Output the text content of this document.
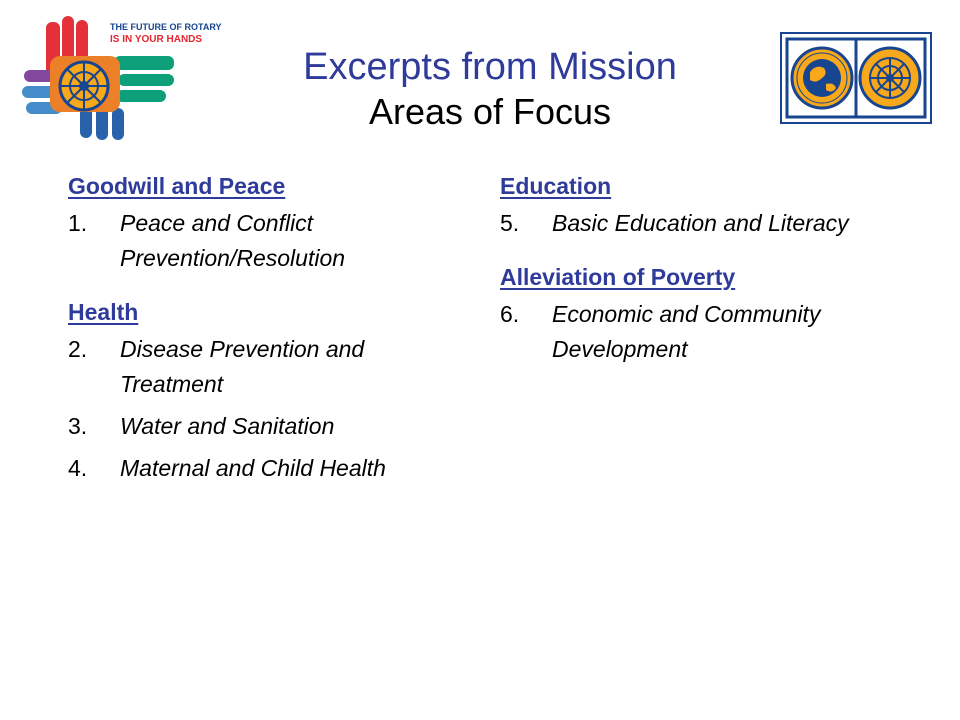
THE FUTURE OF ROTARY
IS IN YOUR HANDS
Excerpts from Mission
Areas of Focus
Goodwill and Peace
1.	Peace and Conflict Prevention/Resolution
Health
2.	Disease Prevention and Treatment
3.	Water and Sanitation
4.	Maternal and Child Health
Education
5.	Basic Education and Literacy
Alleviation of Poverty
6.	Economic and Community Development
